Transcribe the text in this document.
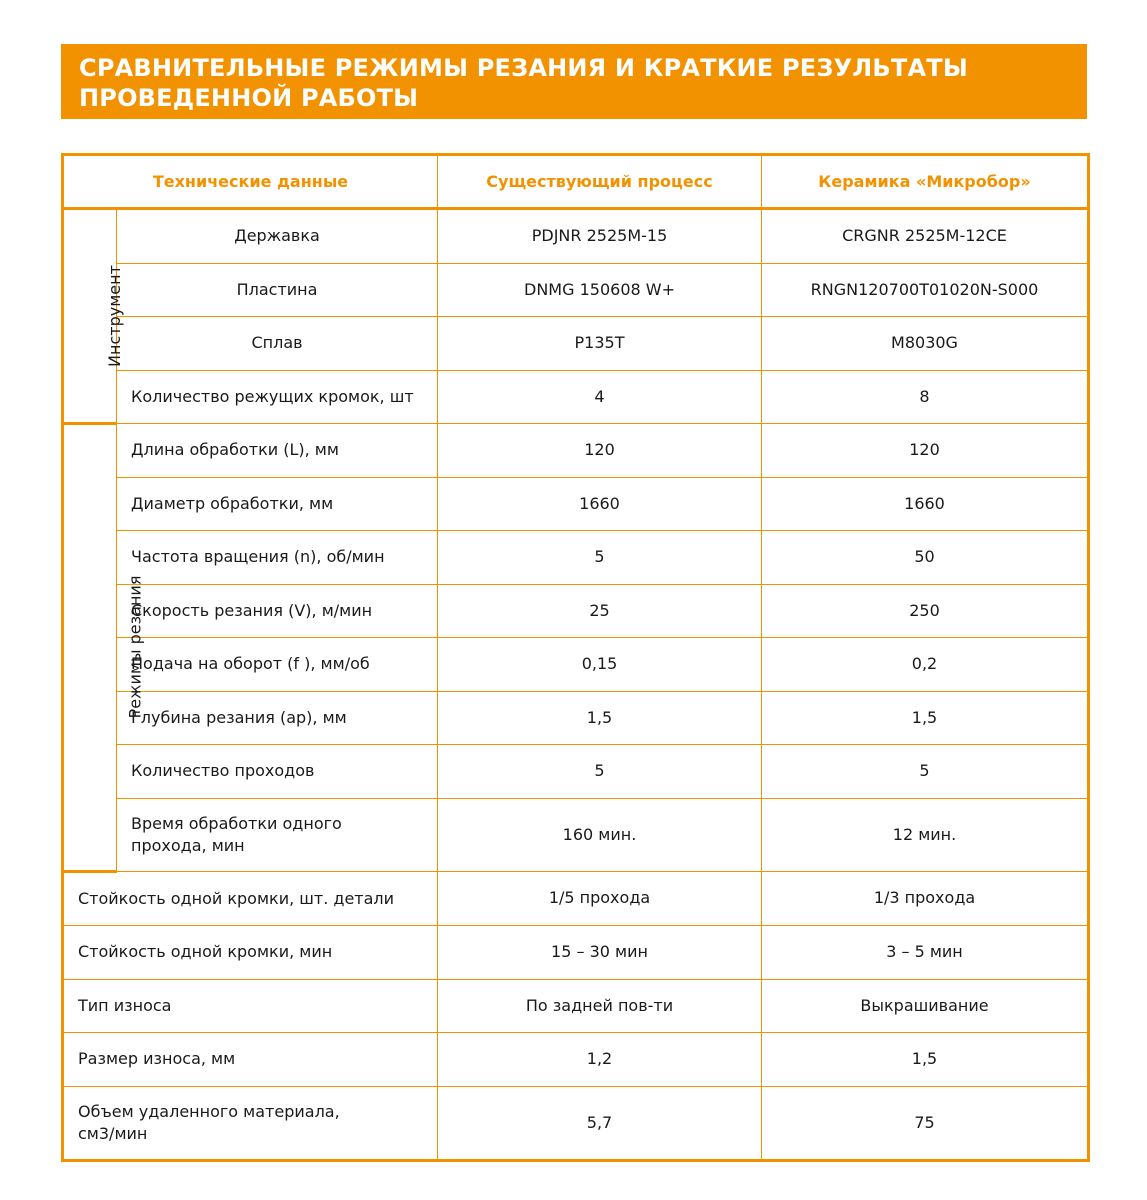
СРАВНИТЕЛЬНЫЕ РЕЖИМЫ РЕЗАНИЯ И КРАТКИЕ РЕЗУЛЬТАТЫ
ПРОВЕДЕННОЙ РАБОТЫ
Технические данные		Существующий процесс	Керамика «Микробор»
Инструмент	Державка	PDJNR 2525M-15	CRGNR 2525M-12CE
	Пластина	DNMG 150608 W+	RNGN120700T01020N-S000
	Сплав	P135T	M8030G
	Количество режущих кромок, шт	4	8
Режимы резания	Длина обработки (L), мм	120	120
	Диаметр обработки, мм	1660	1660
	Частота вращения (n), об/мин	5	50
	Скорость резания (V), м/мин	25	250
	Подача на оборот (f ), мм/об	0,15	0,2
	Глубина резания (ap), мм	1,5	1,5
	Количество проходов	5	5

	Время обработки одного
прохода, мин	160 мин.	12 мин.
Стойкость одной кромки, шт. детали		1/5 прохода	1/3 прохода
Стойкость одной кромки, мин		15 – 30 мин	3 – 5 мин
Тип износа		По задней пов-ти	Выкрашивание
Размер износа, мм		1,2	1,5

Объем удаленного материала,
см3/мин		5,7	75
